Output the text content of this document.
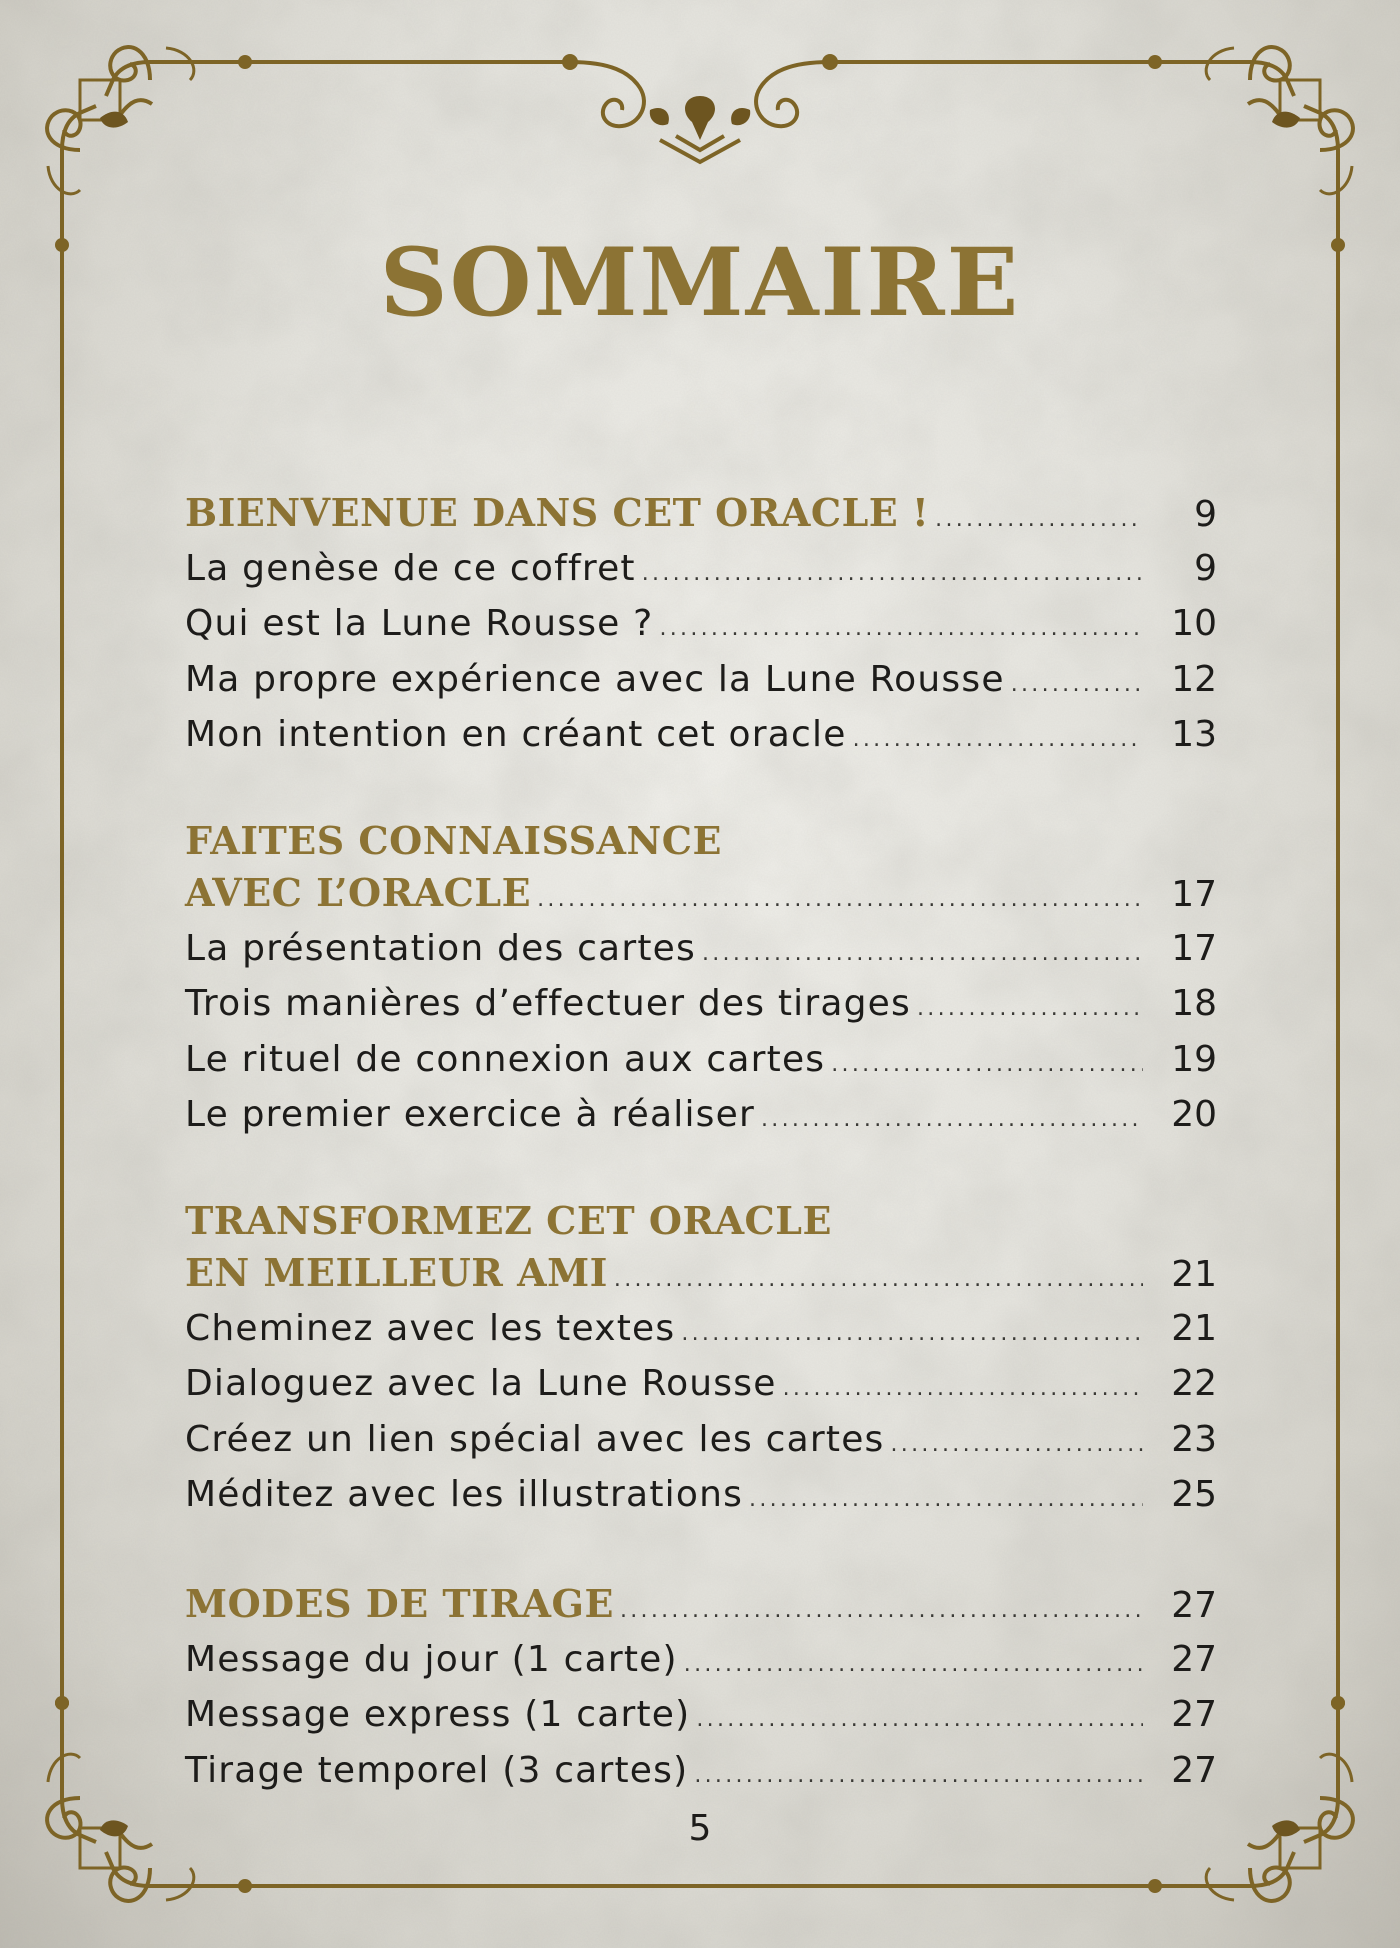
SOMMAIRE
BIENVENUE DANS CET ORACLE ! .....	9
La genèse de ce coffret .....	9
Qui est la Lune Rousse ? .....	10
Ma propre expérience avec la Lune Rousse .....	12
Mon intention en créant cet oracle .....	13
FAITES CONNAISSANCE
AVEC L’ORACLE .....	17
La présentation des cartes .....	17
Trois manières d’effectuer des tirages .....	18
Le rituel de connexion aux cartes .....	19
Le premier exercice à réaliser .....	20
TRANSFORMEZ CET ORACLE
EN MEILLEUR AMI .....	21
Cheminez avec les textes .....	21
Dialoguez avec la Lune Rousse .....	22
Créez un lien spécial avec les cartes .....	23
Méditez avec les illustrations .....	25
MODES DE TIRAGE .....	27
Message du jour (1 carte) .....	27
Message express (1 carte) .....	27
Tirage temporel (3 cartes) .....	27
5
